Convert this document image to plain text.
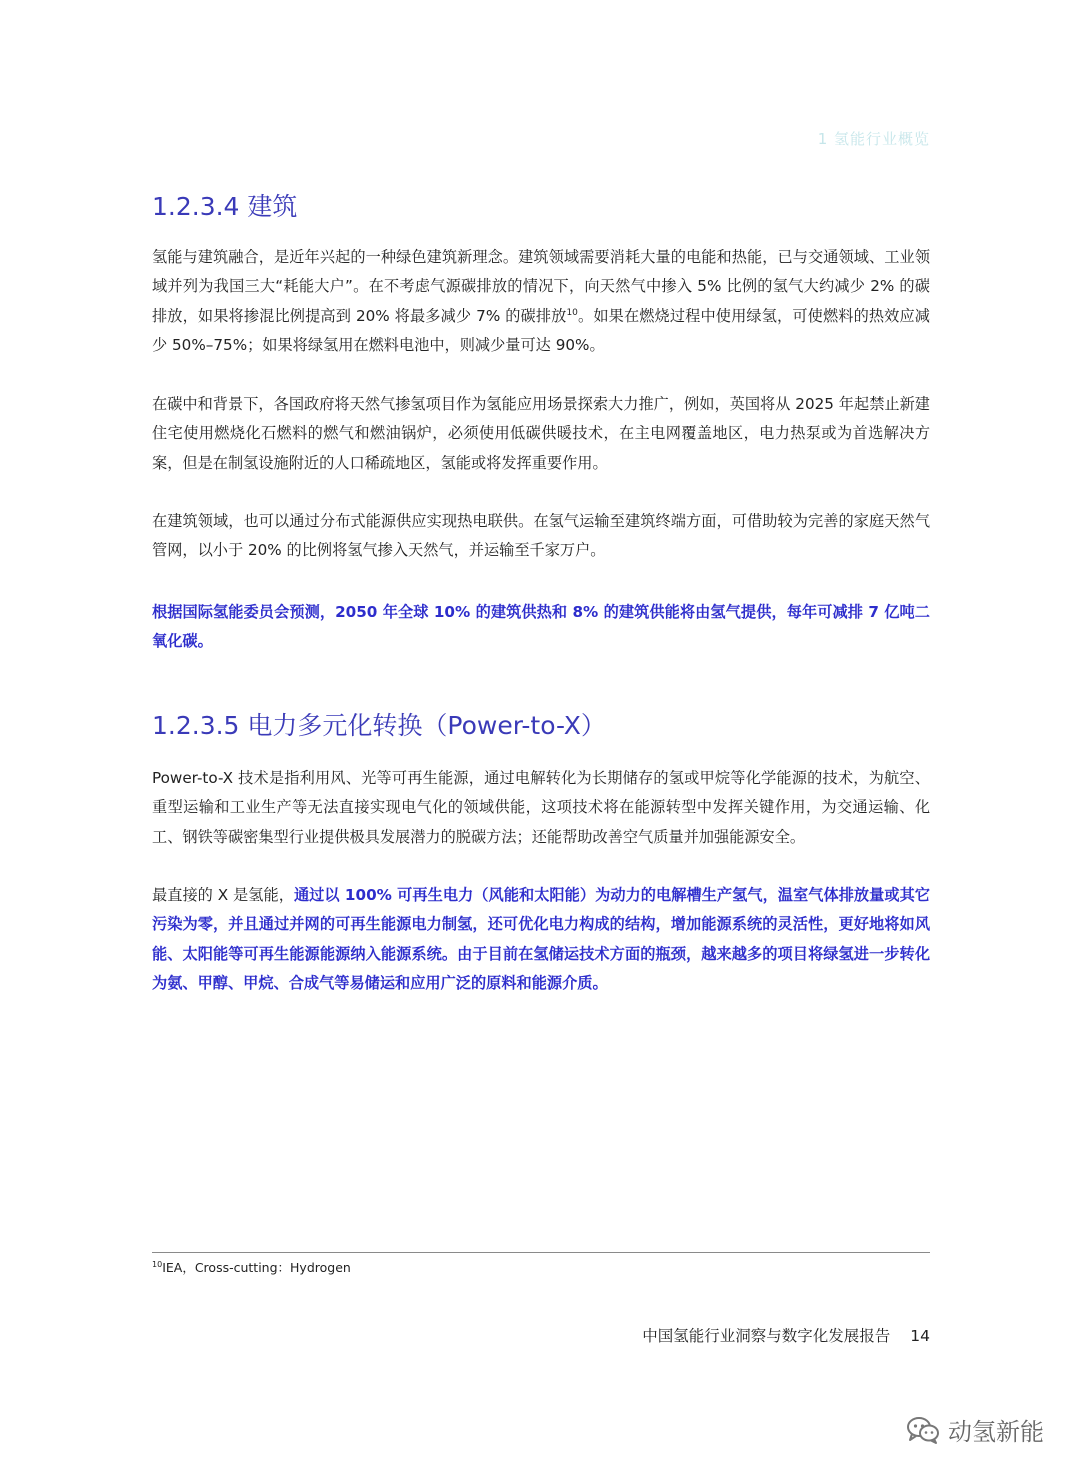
1 氢能行业概览
1.2.3.4 建筑

氢能与建筑融合，是近年兴起的一种绿色建筑新理念。建筑领域需要消耗大量的电能和热能，已与交通领域、工业领域并列为我国三大“耗能大户”。在不考虑气源碳排放的情况下，向天然气中掺入 5% 比例的氢气大约减少 2% 的碳排放，如果将掺混比例提高到 20% 将最多减少 7% 的碳排放$^{10}$。如果在燃烧过程中使用绿氢，可使燃料的热效应减少 50%–75%；如果将绿氢用在燃料电池中，则减少量可达 90%。

在碳中和背景下，各国政府将天然气掺氢项目作为氢能应用场景探索大力推广，例如，英国将从 2025 年起禁止新建住宅使用燃烧化石燃料的燃气和燃油锅炉，必须使用低碳供暖技术，在主电网覆盖地区，电力热泵或为首选解决方案，但是在制氢设施附近的人口稀疏地区，氢能或将发挥重要作用。

在建筑领域，也可以通过分布式能源供应实现热电联供。在氢气运输至建筑终端方面，可借助较为完善的家庭天然气管网，以小于 20% 的比例将氢气掺入天然气，并运输至千家万户。

根据国际氢能委员会预测，2050 年全球 10% 的建筑供热和 8% 的建筑供能将由氢气提供，每年可减排 7 亿吨二氧化碳。

1.2.3.5 电力多元化转换（Power-to-X）

Power-to-X 技术是指利用风、光等可再生能源，通过电解转化为长期储存的氢或甲烷等化学能源的技术，为航空、重型运输和工业生产等无法直接实现电气化的领域供能，这项技术将在能源转型中发挥关键作用，为交通运输、化工、钢铁等碳密集型行业提供极具发展潜力的脱碳方法；还能帮助改善空气质量并加强能源安全。

最直接的 X 是氢能，通过以 100% 可再生电力（风能和太阳能）为动力的电解槽生产氢气，温室气体排放量或其它污染为零，并且通过并网的可再生能源电力制氢，还可优化电力构成的结构，增加能源系统的灵活性，更好地将如风能、太阳能等可再生能源能源纳入能源系统。由于目前在氢储运技术方面的瓶颈，越来越多的项目将绿氢进一步转化为氨、甲醇、甲烷、合成气等易储运和应用广泛的原料和能源介质。

$^{10}$IEA，Cross-cutting：Hydrogen
中国氢能行业洞察与数字化发展报告 14
动氢新能
